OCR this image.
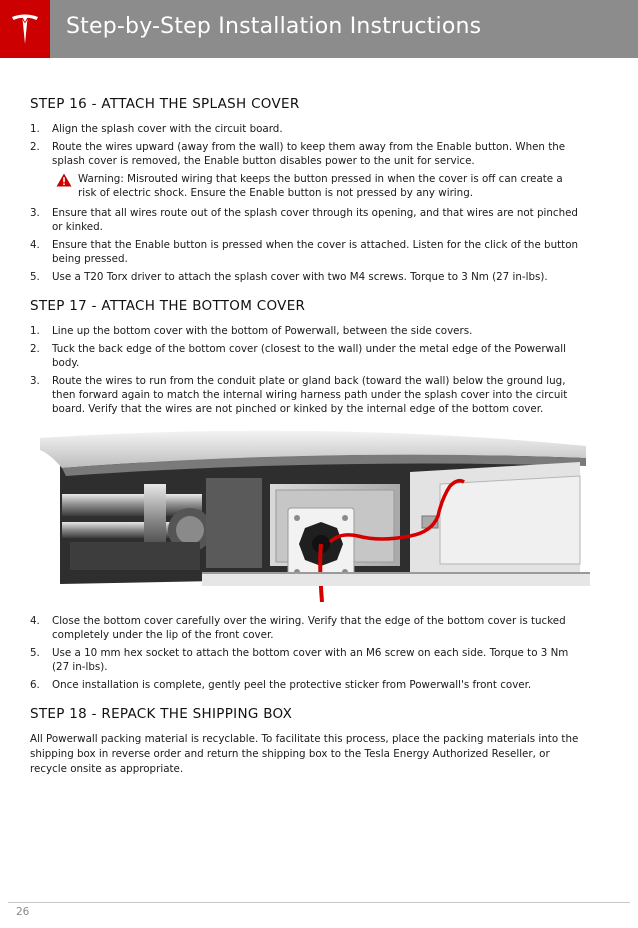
Step-by-Step Installation Instructions
STEP 16 - ATTACH THE SPLASH COVER
1. Align the splash cover with the circuit board.
2. Route the wires upward (away from the wall) to keep them away from the Enable button. When the splash cover is removed, the Enable button disables power to the unit for service.
Warning: Misrouted wiring that keeps the button pressed in when the cover is off can create a risk of electric shock. Ensure the Enable button is not pressed by any wiring.
3. Ensure that all wires route out of the splash cover through its opening, and that wires are not pinched or kinked.
4. Ensure that the Enable button is pressed when the cover is attached. Listen for the click of the button being pressed.
5. Use a T20 Torx driver to attach the splash cover with two M4 screws. Torque to 3 Nm (27 in-lbs).
STEP 17 - ATTACH THE BOTTOM COVER
1. Line up the bottom cover with the bottom of Powerwall, between the side covers.
2. Tuck the back edge of the bottom cover (closest to the wall) under the metal edge of the Powerwall body.
3. Route the wires to run from the conduit plate or gland back (toward the wall) below the ground lug, then forward again to match the internal wiring harness path under the splash cover into the circuit board. Verify that the wires are not pinched or kinked by the internal edge of the bottom cover.
4. Close the bottom cover carefully over the wiring. Verify that the edge of the bottom cover is tucked completely under the lip of the front cover.
5. Use a 10 mm hex socket to attach the bottom cover with an M6 screw on each side. Torque to 3 Nm (27 in-lbs).
6. Once installation is complete, gently peel the protective sticker from Powerwall's front cover.
STEP 18 - REPACK THE SHIPPING BOX

All Powerwall packing material is recyclable. To facilitate this process, place the packing materials into the shipping box in reverse order and return the shipping box to the Tesla Energy Authorized Reseller, or recycle onsite as appropriate.

26
